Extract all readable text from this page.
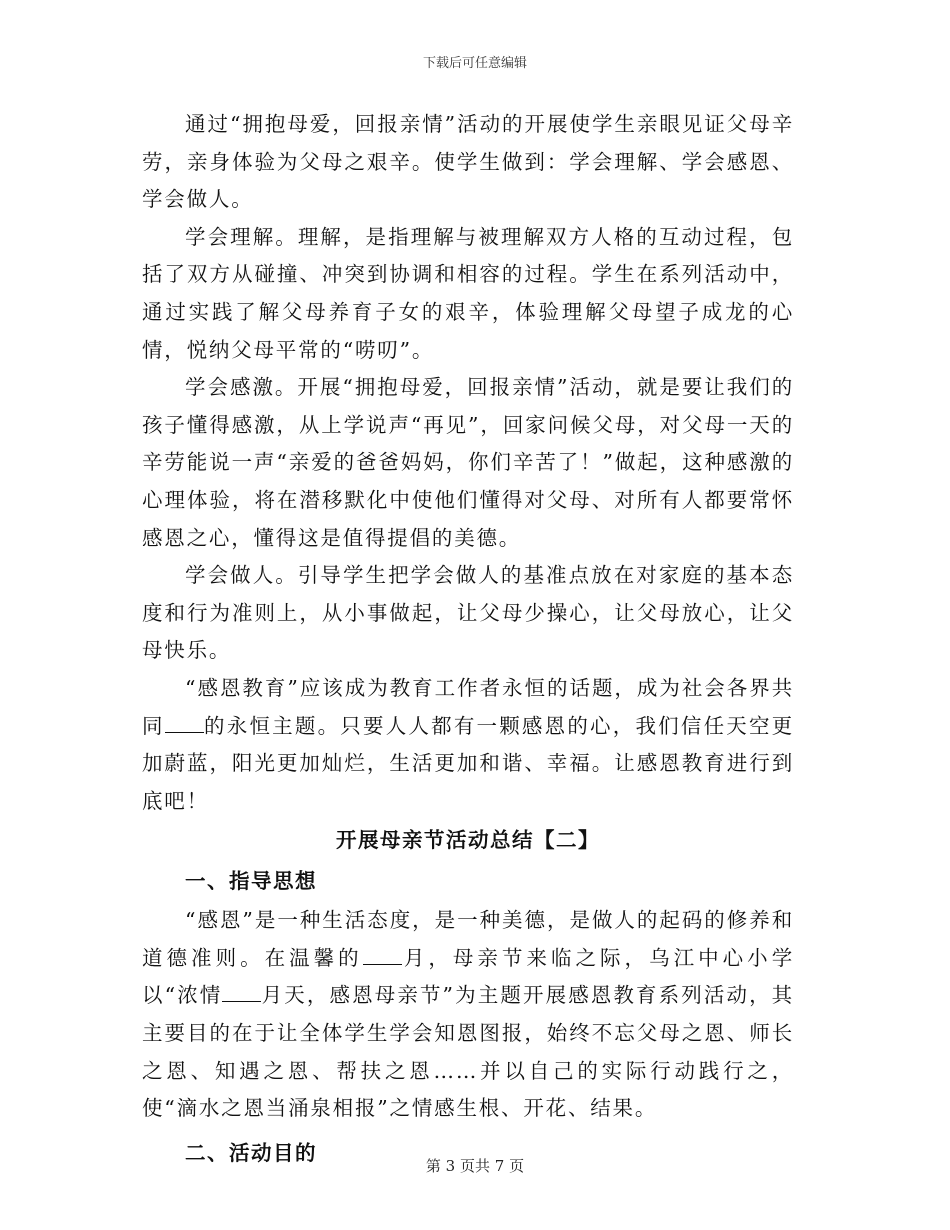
下载后可任意编辑

通过“拥抱母爱，回报亲情”活动的开展使学生亲眼见证父母辛劳，亲身体验为父母之艰辛。使学生做到：学会理解、学会感恩、学会做人。

学会理解。理解，是指理解与被理解双方人格的互动过程，包括了双方从碰撞、冲突到协调和相容的过程。学生在系列活动中，通过实践了解父母养育子女的艰辛，体验理解父母望子成龙的心情，悦纳父母平常的“唠叨”。

学会感激。开展“拥抱母爱，回报亲情”活动，就是要让我们的孩子懂得感激，从上学说声“再见”，回家问候父母，对父母一天的辛劳能说一声“亲爱的爸爸妈妈，你们辛苦了！”做起，这种感激的心理体验，将在潜移默化中使他们懂得对父母、对所有人都要常怀感恩之心，懂得这是值得提倡的美德。

学会做人。引导学生把学会做人的基准点放在对家庭的基本态度和行为准则上，从小事做起，让父母少操心，让父母放心，让父母快乐。

“感恩教育”应该成为教育工作者永恒的话题，成为社会各界共同 的永恒主题。只要人人都有一颗感恩的心，我们信任天空更加蔚蓝，阳光更加灿烂，生活更加和谐、幸福。让感恩教育进行到底吧！

开展母亲节活动总结【二】
一、指导思想

“感恩”是一种生活态度，是一种美德，是做人的起码的修养和道德准则。在温馨的 月，母亲节来临之际，乌江中心小学以“浓情 月天，感恩母亲节”为主题开展感恩教育系列活动，其主要目的在于让全体学生学会知恩图报，始终不忘父母之恩、师长之恩、知遇之恩、帮扶之恩……并以自己的实际行动践行之，使“滴水之恩当涌泉相报”之情感生根、开花、结果。

二、活动目的
第 3 页共 7 页
